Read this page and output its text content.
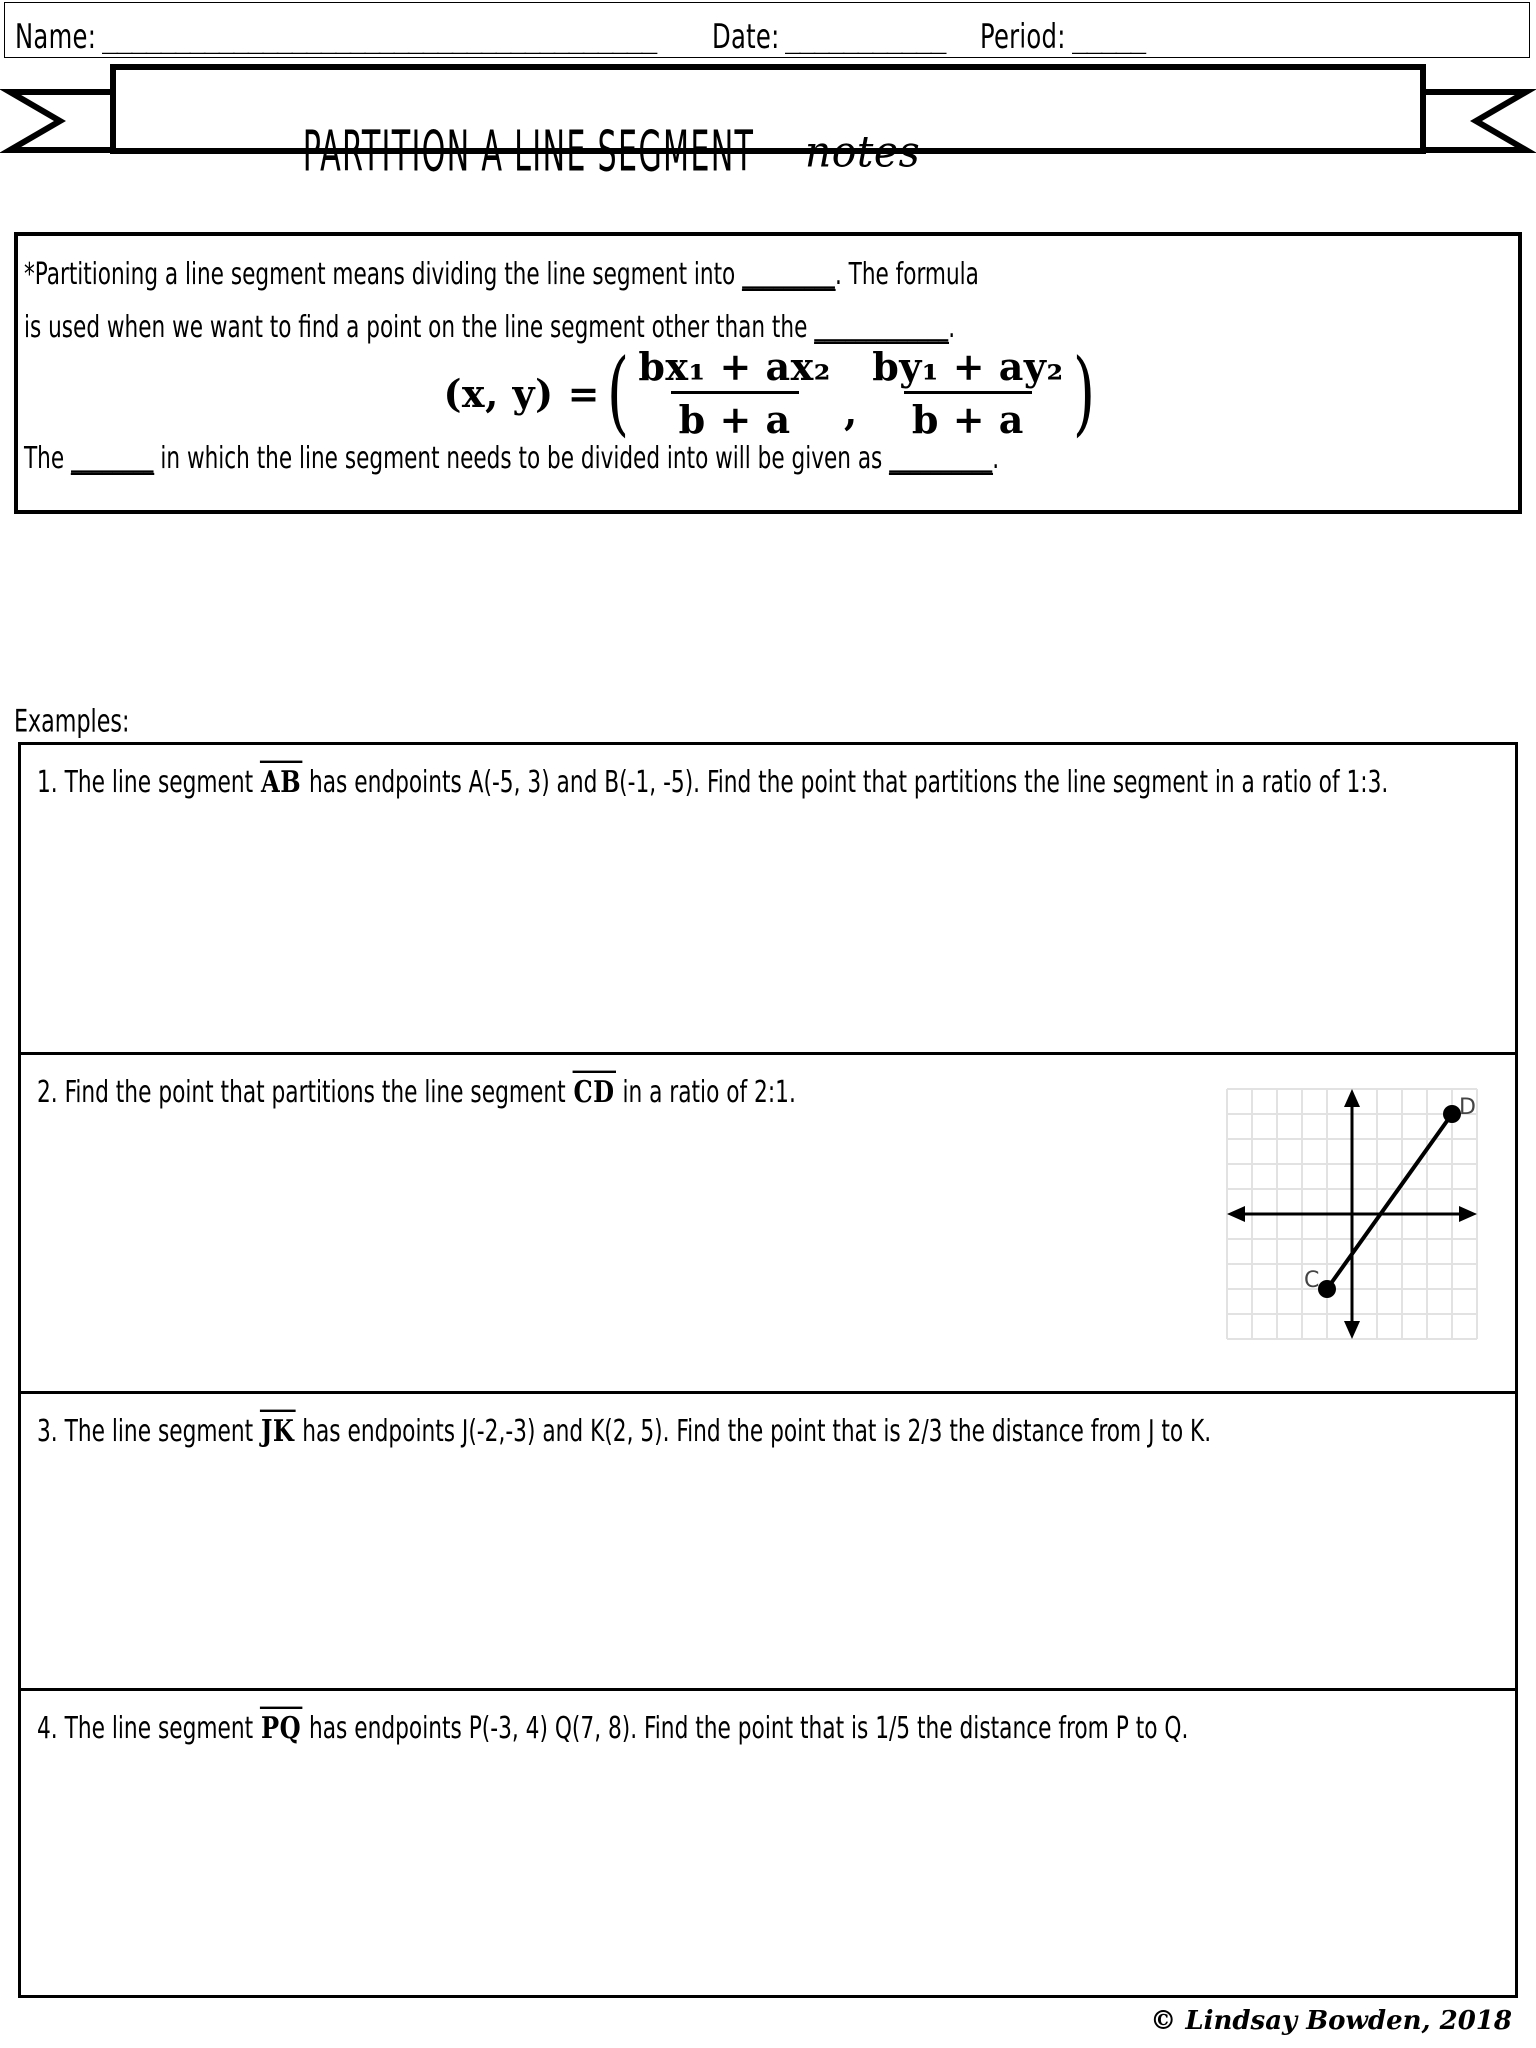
Name: ______________________________________	Date: ___________	Period: _____
PARTITION A LINE SEGMENT notes
*Partitioning a line segment means dividing the line segment into _________. The formula
is used when we want to find a point on the line segment other than the _____________.
(x, y) = ( $\frac{\text{bx₁ + ax₂}}{b + a}$ , $\frac{\text{by₁ + ay₂}}{b + a}$ )
The ________ in which the line segment needs to be divided into will be given as __________.
Examples:
1. The line segment AB has endpoints A(-5, 3) and B(-1, -5). Find the point that partitions the line segment in a ratio of 1:3.
2. Find the point that partitions the line segment CD in a ratio of 2:1.
C
D
3. The line segment JK has endpoints J(-2,-3) and K(2, 5). Find the point that is 2/3 the distance from J to K.
4. The line segment PQ has endpoints P(-3, 4) Q(7, 8). Find the point that is 1/5 the distance from P to Q.
© Lindsay Bowden, 2018
